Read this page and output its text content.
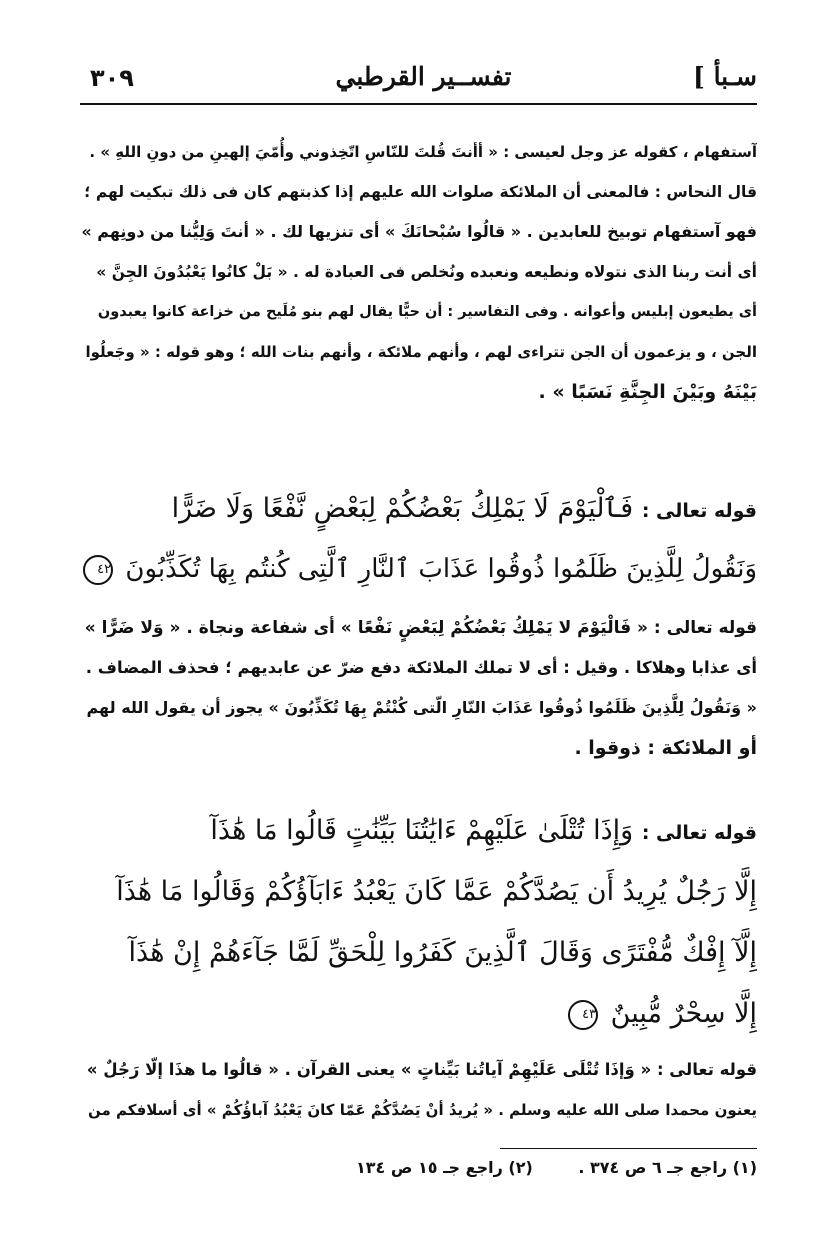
٣٠٩	تفســير القرطبي	سـبأ ]
آستفهام ، كقوله عز وجل لعيسى : « أأنتَ قُلتَ للنّاسِ اتّخِذوني وأُمّيَ إلهينِ من دونِ اللهِ » .
قال النحاس : فالمعنى أن الملائكة صلوات الله عليهم إذا كذبتهم كان فى ذلك تبكيت لهم ؛
فهو آستفهام توبيخ للعابدين . « قالُوا سُبْحانَكَ » أى تنزيها لك . « أنتَ وَلِيُّنا من دونِهم »
أى أنت ربنا الذى نتولاه ونطيعه ونعبده ونُخلص فى العبادة له . « بَلْ كانُوا يَعْبُدُونَ الجِنَّ »
أى يطيعون إبليس وأعوانه . وفى التفاسير : أن حيًّا يقال لهم بنو مُلَيح من خزاعة كانوا يعبدون
الجن ، و يزعمون أن الجن تتراءى لهم ، وأنهم ملائكة ، وأنهم بنات الله ؛ وهو قوله : « وجَعلُوا
بَيْنَهُ وبَيْنَ الجِنَّةِ نَسَبًا » .
قوله تعالى : فَٱلْيَوْمَ لَا يَمْلِكُ بَعْضُكُمْ لِبَعْضٍ نَّفْعًا وَلَا ضَرًّا
وَنَقُولُ لِلَّذِينَ ظَلَمُوا ذُوقُوا عَذَابَ ٱلنَّارِ ٱلَّتِى كُنتُم بِهَا تُكَذِّبُونَ ٤٢
قوله تعالى : « فَالْيَوْمَ لا يَمْلِكُ بَعْضُكُمْ لِبَعْضٍ نَفْعًا » أى شفاعة ونجاة . « وَلا ضَرًّا »
أى عذابا وهلاكا . وقيل : أى لا تملك الملائكة دفع ضرّ عن عابديهم ؛ فحذف المضاف .
« وَنَقُولُ لِلَّذِينَ ظَلَمُوا ذُوقُوا عَذَابَ النّارِ الّتى كُنْتُمْ بِهَا تُكَذِّبُونَ » يجوز أن يقول الله لهم
أو الملائكة : ذوقوا .
قوله تعالى : وَإِذَا تُتْلَىٰ عَلَيْهِمْ ءَايَٰتُنَا بَيِّنَٰتٍ قَالُوا مَا هَٰذَآ
إِلَّا رَجُلٌ يُرِيدُ أَن يَصُدَّكُمْ عَمَّا كَانَ يَعْبُدُ ءَابَآؤُكُمْ وَقَالُوا مَا هَٰذَآ
إِلَّآ إِفْكٌ مُّفْتَرًى وَقَالَ ٱلَّذِينَ كَفَرُوا لِلْحَقِّ لَمَّا جَآءَهُمْ إِنْ هَٰذَآ
إِلَّا سِحْرٌ مُّبِينٌ ٤٣
قوله تعالى : « وَإذَا تُتْلَى عَلَيْهِمْ آياتُنا بَيِّناتٍ » يعنى القرآن . « قالُوا ما هذَا إلّا رَجُلٌ »
يعنون محمدا صلى الله عليه وسلم . « يُريدُ أنْ يَصُدَّكُمْ عَمّا كانَ يَعْبُدُ آباؤُكُمْ » أى أسلافكم من
(١) راجع جـ ٦ ص ٣٧٤ . (٢) راجع جـ ١٥ ص ١٣٤
